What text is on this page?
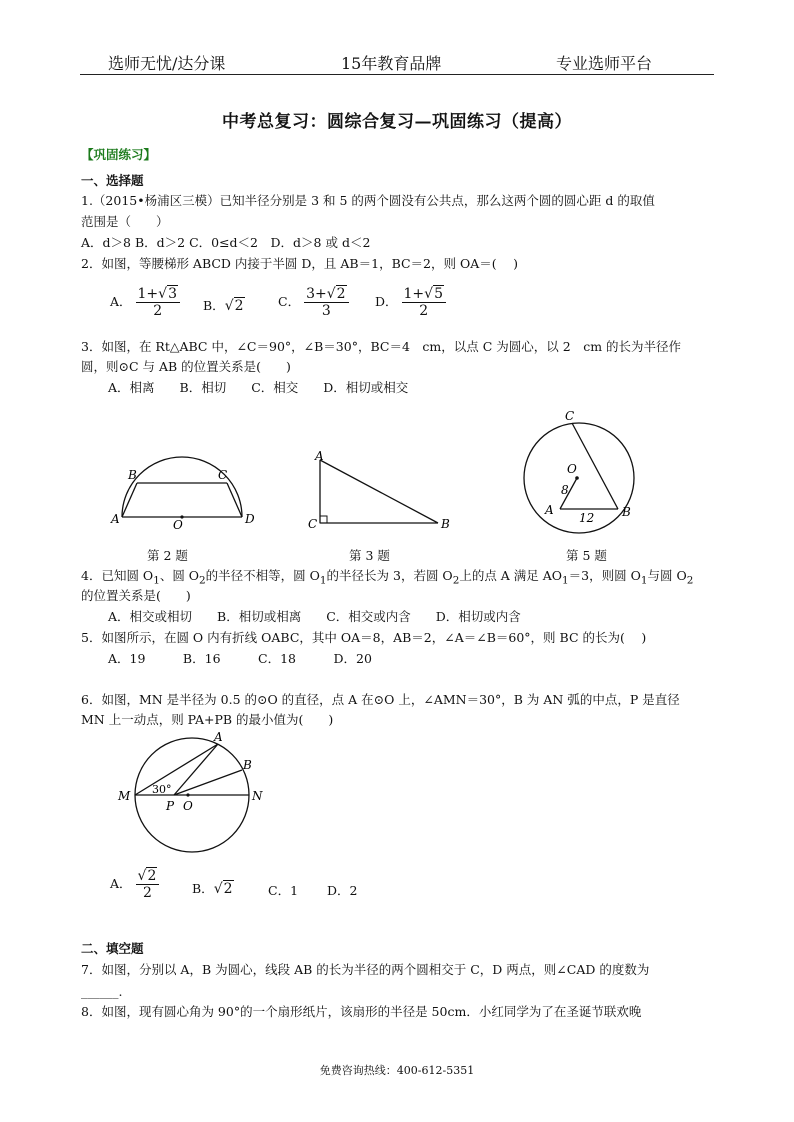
选师无忧/达分课	15年教育品牌	专业选师平台
中考总复习：圆综合复习—巩固练习（提高）
【巩固练习】
一、选择题
1.（2015•杨浦区三模）已知半径分别是 3 和 5 的两个圆没有公共点，那么这两个圆的圆心距 d 的取值
范围是（　　）
A．d＞8 B．d＞2 C．0≤d＜2　D．d＞8 或 d＜2
2．如图，等腰梯形 ABCD 内接于半圆 D，且 AB＝1，BC＝2，则 OA＝(　 )
A． $\frac{1+√3}{2}$ B．√2	C． $\frac{3+√2}{3}$ D． $\frac{1+√5}{2}$
3．如图，在 Rt△ABC 中，∠C＝90°，∠B＝30°，BC＝4　cm，以点 C 为圆心，以 2　cm 的长为半径作
圆，则⊙C 与 AB 的位置关系是(　　)
A．相离　　B．相切　　C．相交　　D．相切或相交
A
B	C
D
O
第 2 题
A
C	B
第 3 题
C
O
8
A	B
12
第 5 题
4．已知圆 $O_1$、圆 $O_2$的半径不相等，圆 $O_1$的半径长为 3，若圆 $O_2$上的点 A 满足 $AO_1=3$，则圆 $O_1$与圆 $O_2$
的位置关系是(　　)
A．相交或相切　　B．相切或相离　　C．相交或内含　　D．相切或内含
5．如图所示，在圆 O 内有折线 OABC，其中 OA＝8，AB＝2，∠A＝∠B＝60°，则 BC 的长为(　 )
A．19　　　B．16　　　C．18　　　D．20
6．如图，MN 是半径为 0.5 的⊙O 的直径，点 A 在⊙O 上，∠AMN＝30°，B 为 AN 弧的中点，P 是直径
MN 上一动点，则 PA+PB 的最小值为(　　)
M	N
A
B
P O
30°
A． $\frac{√2}{2}$	B．√2	C．1　　 D．2
二、填空题
7．如图，分别以 A，B 为圆心，线段 AB 的长为半径的两个圆相交于 C，D 两点，则∠CAD 的度数为
______.
8．如图，现有圆心角为 90°的一个扇形纸片，该扇形的半径是 50cm．小红同学为了在圣诞节联欢晚
免费咨询热线：400-612-5351
